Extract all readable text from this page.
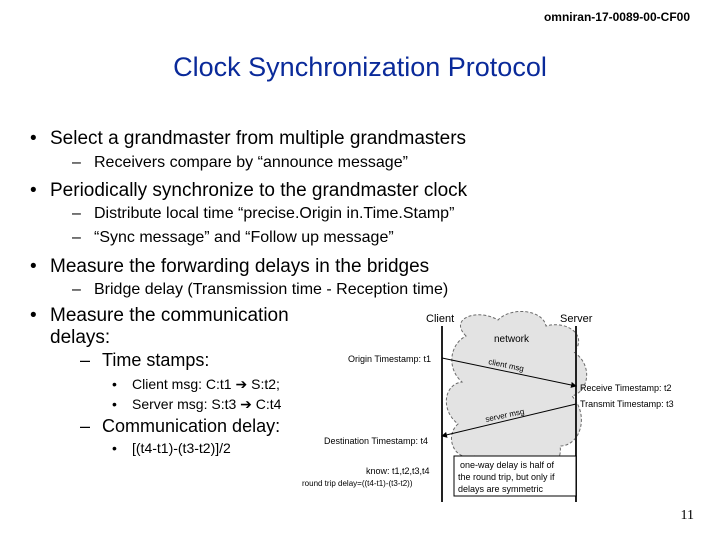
omniran-17-0089-00-CF00
Clock Synchronization Protocol
• Select a grandmaster from multiple grandmasters
– Receivers compare by “announce message”
• Periodically synchronize to the grandmaster clock
– Distribute local time “precise.Origin in.Time.Stamp”
– “Sync message” and “Follow up message”
• Measure the forwarding delays in the bridges
– Bridge delay (Transmission time - Reception time)
• Measure the communication
delays:
– Time stamps:
• Client msg: C:t1 ➔ S:t2;
• Server msg: S:t3 ➔ C:t4
– Communication delay:
• [(t4-t1)-(t3-t2)]/2
Client	Server
network
client msg
Origin Timestamp: t1
Receive Timestamp: t2
Transmit Timestamp: t3
server msg
Destination Timestamp: t4
know: t1,t2,t3,t4
round trip delay=((t4-t1)-(t3-t2))
one-way delay is half of
the round trip, but only if
delays are symmetric
11
